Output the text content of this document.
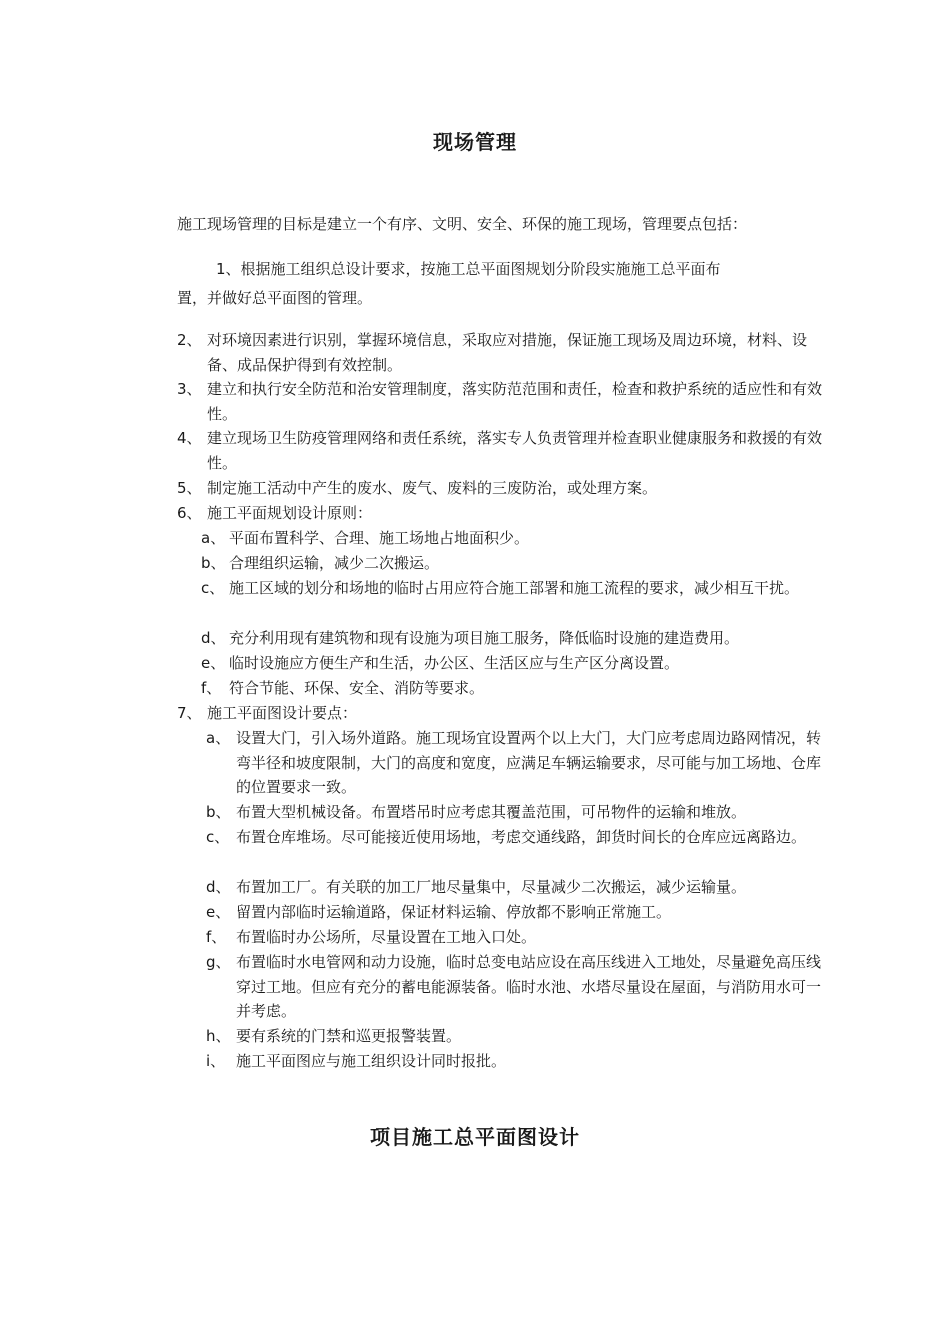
现场管理
施工现场管理的目标是建立一个有序、文明、安全、环保的施工现场，管理要点包括：
1、根据施工组织总设计要求，按施工总平面图规划分阶段实施施工总平面布
置，并做好总平面图的管理。
2、 对环境因素进行识别，掌握环境信息，采取应对措施，保证施工现场及周边环境，材料、设备、成品保护得到有效控制。
3、 建立和执行安全防范和治安管理制度，落实防范范围和责任，检查和救护系统的适应性和有效性。
4、 建立现场卫生防疫管理网络和责任系统，落实专人负责管理并检查职业健康服务和救援的有效性。
5、 制定施工活动中产生的废水、废气、废料的三废防治，或处理方案。
6、 施工平面规划设计原则：
a、 平面布置科学、合理、施工场地占地面积少。
b、 合理组织运输，减少二次搬运。
c、 施工区域的划分和场地的临时占用应符合施工部署和施工流程的要求，减少相互干扰。
d、 充分利用现有建筑物和现有设施为项目施工服务，降低临时设施的建造费用。
e、 临时设施应方便生产和生活，办公区、生活区应与生产区分离设置。
f、 符合节能、环保、安全、消防等要求。
7、 施工平面图设计要点：
a、 设置大门，引入场外道路。施工现场宜设置两个以上大门，大门应考虑周边路网情况，转弯半径和坡度限制，大门的高度和宽度，应满足车辆运输要求，尽可能与加工场地、仓库的位置要求一致。
b、 布置大型机械设备。布置塔吊时应考虑其覆盖范围，可吊物件的运输和堆放。
c、 布置仓库堆场。尽可能接近使用场地，考虑交通线路，卸货时间长的仓库应远离路边。
d、 布置加工厂。有关联的加工厂地尽量集中，尽量减少二次搬运，减少运输量。
e、 留置内部临时运输道路，保证材料运输、停放都不影响正常施工。
f、 布置临时办公场所，尽量设置在工地入口处。
g、 布置临时水电管网和动力设施，临时总变电站应设在高压线进入工地处，尽量避免高压线穿过工地。但应有充分的蓄电能源装备。临时水池、水塔尽量设在屋面，与消防用水可一并考虑。
h、 要有系统的门禁和巡更报警装置。
i、 施工平面图应与施工组织设计同时报批。
项目施工总平面图设计
